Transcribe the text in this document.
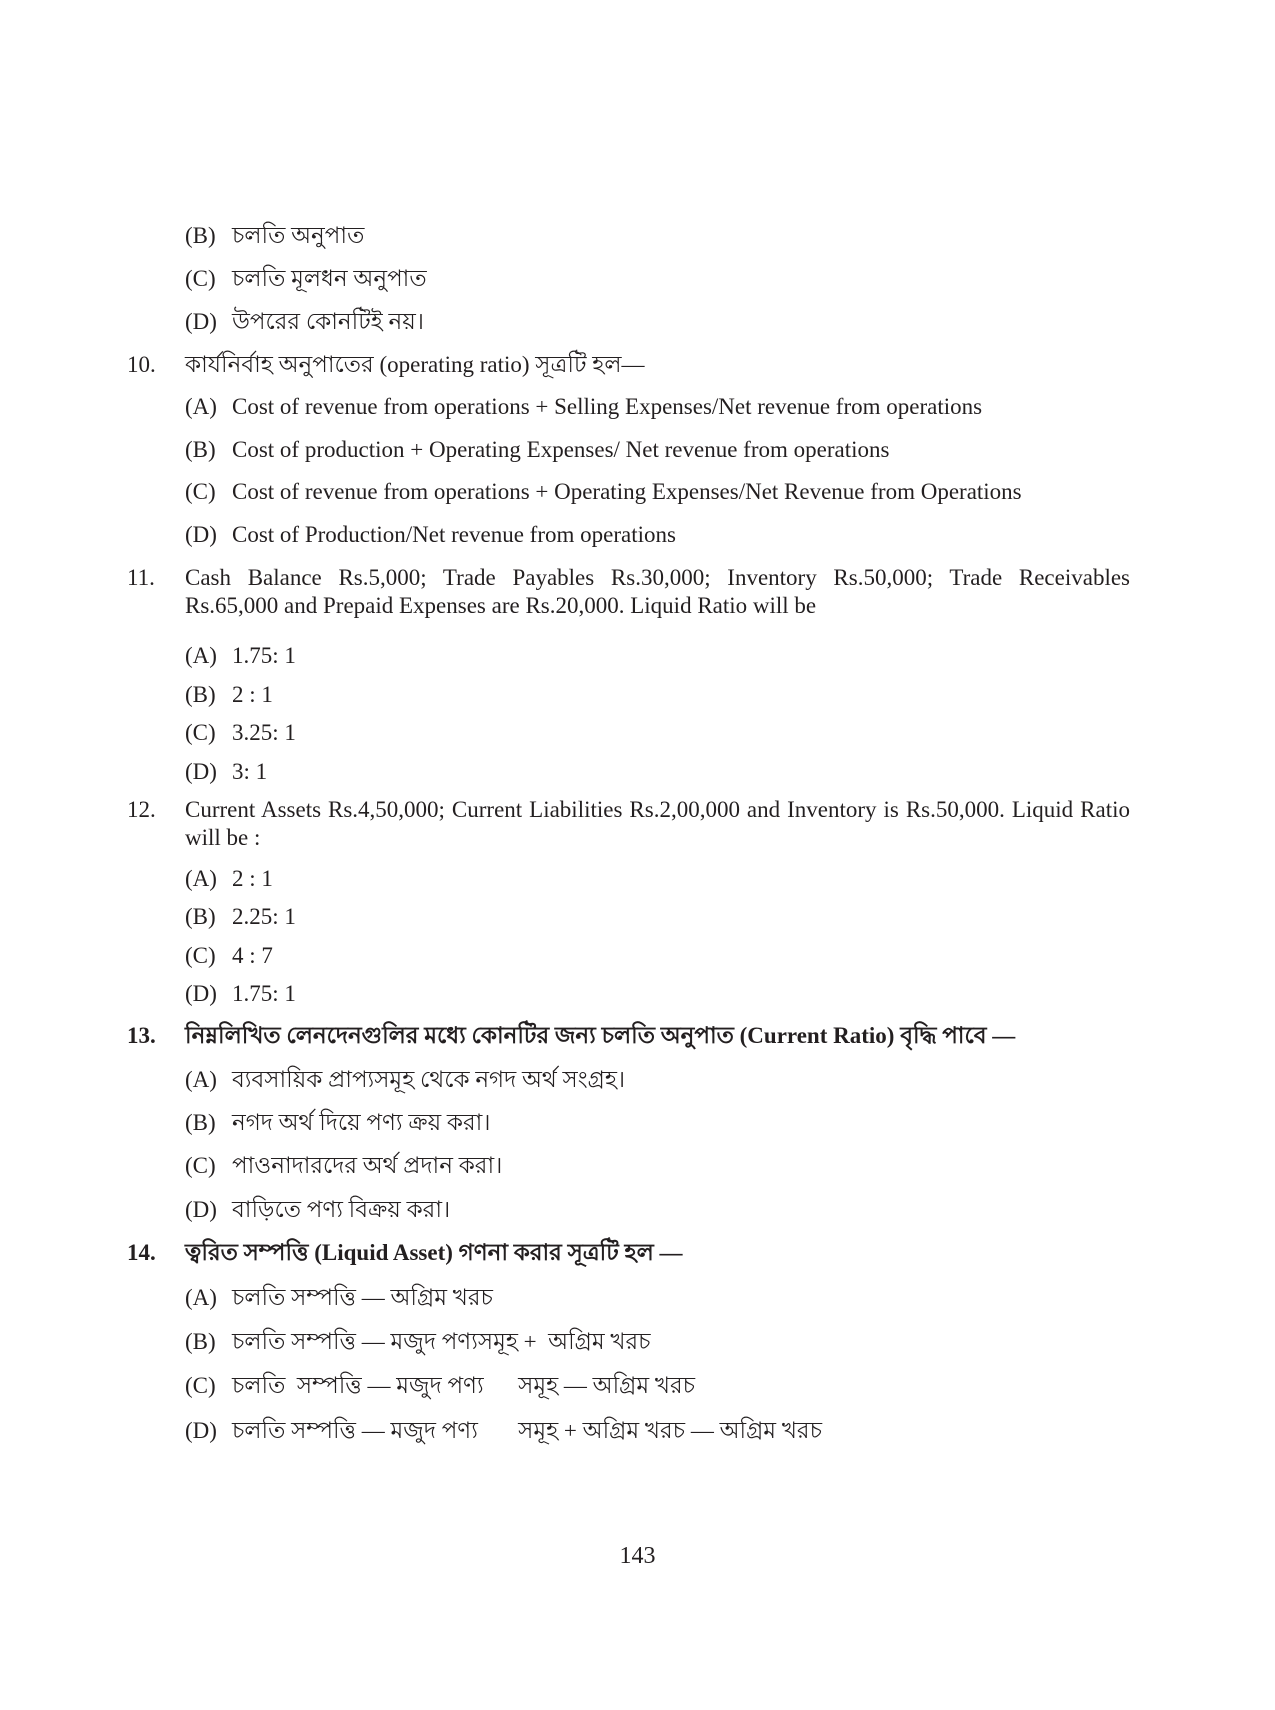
(B) চলতি অনুপাত
(C) চলতি মূলধন অনুপাত
(D) উপরের কোনটিই নয়।
10. কার্যনির্বাহ অনুপাতের (operating ratio) সূত্রটি হল—
(A) Cost of revenue from operations + Selling Expenses/Net revenue from operations
(B) Cost of production + Operating Expenses/ Net revenue from operations
(C) Cost of revenue from operations + Operating Expenses/Net Revenue from Operations
(D) Cost of Production/Net revenue from operations
11. Cash Balance Rs.5,000; Trade Payables Rs.30,000; Inventory Rs.50,000; Trade Receivables Rs.65,000 and Prepaid Expenses are Rs.20,000. Liquid Ratio will be
(A) 1.75: 1
(B) 2 : 1
(C) 3.25: 1
(D) 3: 1
12. Current Assets Rs.4,50,000; Current Liabilities Rs.2,00,000 and Inventory is Rs.50,000. Liquid Ratio will be :
(A) 2 : 1
(B) 2.25: 1
(C) 4 : 7
(D) 1.75: 1
13. নিম্নলিখিত লেনদেনগুলির মধ্যে কোনটির জন্য চলতি অনুপাত (Current Ratio) বৃদ্ধি পাবে —
(A) ব্যবসায়িক প্রাপ্যসমূহ থেকে নগদ অর্থ সংগ্রহ।
(B) নগদ অর্থ দিয়ে পণ্য ক্রয় করা।
(C) পাওনাদারদের অর্থ প্রদান করা।
(D) বাড়িতে পণ্য বিক্রয় করা।
14. ত্বরিত সম্পত্তি (Liquid Asset) গণনা করার সূত্রটি হল —
(A) চলতি সম্পত্তি — অগ্রিম খরচ
(B) চলতি সম্পত্তি — মজুদ পণ্যসমূহ +  অগ্রিম খরচ
(C) চলতি  সম্পত্তি — মজুদ পণ্য      সমূহ — অগ্রিম খরচ
(D) চলতি সম্পত্তি — মজুদ পণ্য       সমূহ + অগ্রিম খরচ — অগ্রিম খরচ
143
